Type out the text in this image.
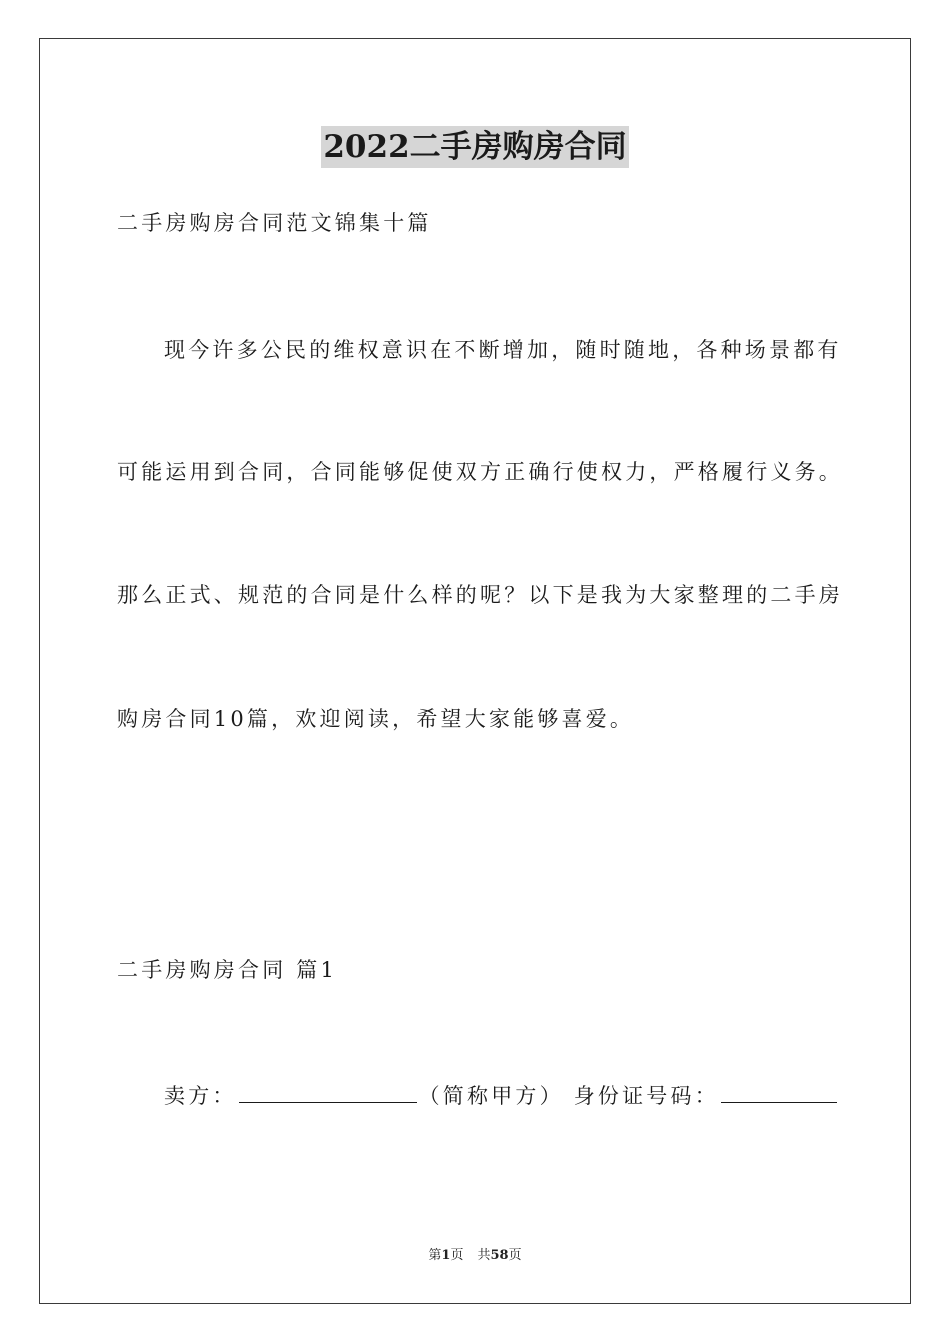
2022二手房购房合同
二手房购房合同范文锦集十篇
现今许多公民的维权意识在不断增加，随时随地，各种场景都有
可能运用到合同，合同能够促使双方正确行使权力，严格履行义务。
那么正式、规范的合同是什么样的呢？以下是我为大家整理的二手房
购房合同10篇，欢迎阅读，希望大家能够喜爱。
二手房购房合同 篇1
卖方：	（简称甲方） 身份证号码：
第1页 共58页
